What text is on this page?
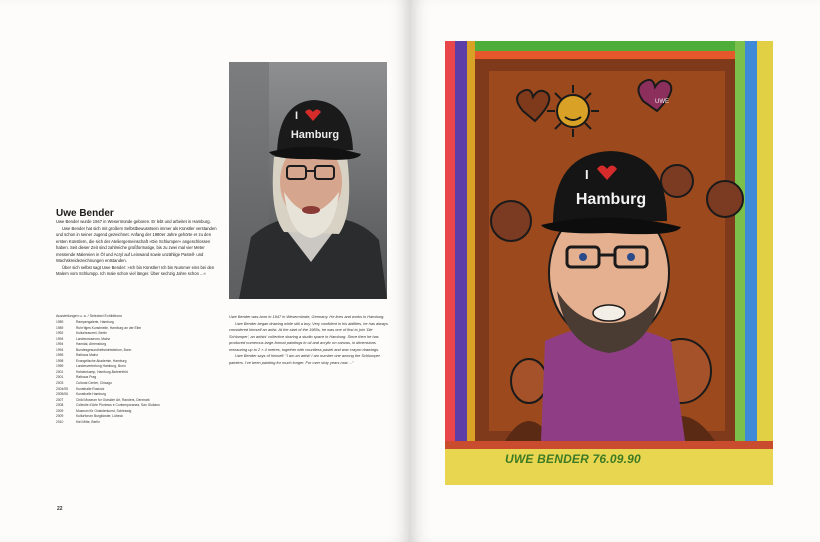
I
Hamburg
Uwe Bender

Uwe Bender wurde 1947 in Wesermünde geboren. Er lebt und arbeitet in Hamburg.

Uwe Bender hat sich mit großem Selbstbewusstsein immer als Künstler verstanden und schon in seiner Jugend gezeichnet. Anfang der 1980er Jahre gehörte er zu den ersten Künstlern, die sich der Ateliergemeinschaft »Die Schlumper« angeschlossen haben. Seit dieser Zeit sind zahlreiche großformatige, bis zu zwei mal vier Meter messende Malereien in Öl und Acryl auf Leinwand sowie unzählige Pastell- und Wachskreidezeichnungen entstanden.

Über sich selbst sagt Uwe Bender: »Ich bin Künstler! Ich bin Nummer eins bei den Malern vom Schlumpp. Ich male schon viel länger. Über sechzig Jahre schon ...«

Ausstellungen u. a. / Selected Exhibitions
1989	Rampengalerie, Hamburg
1989	Ruhr'tiges Kunstmeile, Hamburg an der Elbe
1992	Kulturbrauerei, Berlin
1994	Landesmuseum, Mainz
1994	Hamdal, Ahrensburg
1994	Bundesgesundheitsministerium, Bonn
1995	Rathaus Mainz
1998	Evangelische Akademie, Hamburg
1999	Landesvertretung Hamburg, Bonn
2001	Holstenkamp, Hamburg-Bahrenfeld
2001	Rathaus Prag
2003	Cultural Center, Chicago
2004/05	Kunsthalle Rostock
2005/06	Kunsthalle Hamburg
2007	Child Museum for Outsider Art, Randers, Denmark
2008	Collectie d'Arte Plurimus e Contemporanea, San Giuliano
2009	Museum für Outsiderkunst, Schleswig
2009	Kulturforum Burgkloster, Lübeck
2010	Kiel Mitte, Berlin

Uwe Bender was born in 1947 in Wesermünde, Germany. He lives and works in Hamburg.

Uwe Bender began drawing while still a boy. Very confident in his abilities, he has always considered himself an artist. At the start of the 1980s, he was one of first to join 'Die Schlumper', an artists' collective sharing a studio space in Hamburg. Since then he has produced numerous large-format paintings in oil and acrylic on canvas, in dimensions measuring up to 2 × 4 metres, together with countless pastel and wax crayon drawings.

Uwe Bender says of himself: "I am an artist! I am number one among the Schlumper painters. I've been painting for much longer. For over sixty years now ..."

22
UWE
I
Hamburg
UWE BENDER 76.09.90
